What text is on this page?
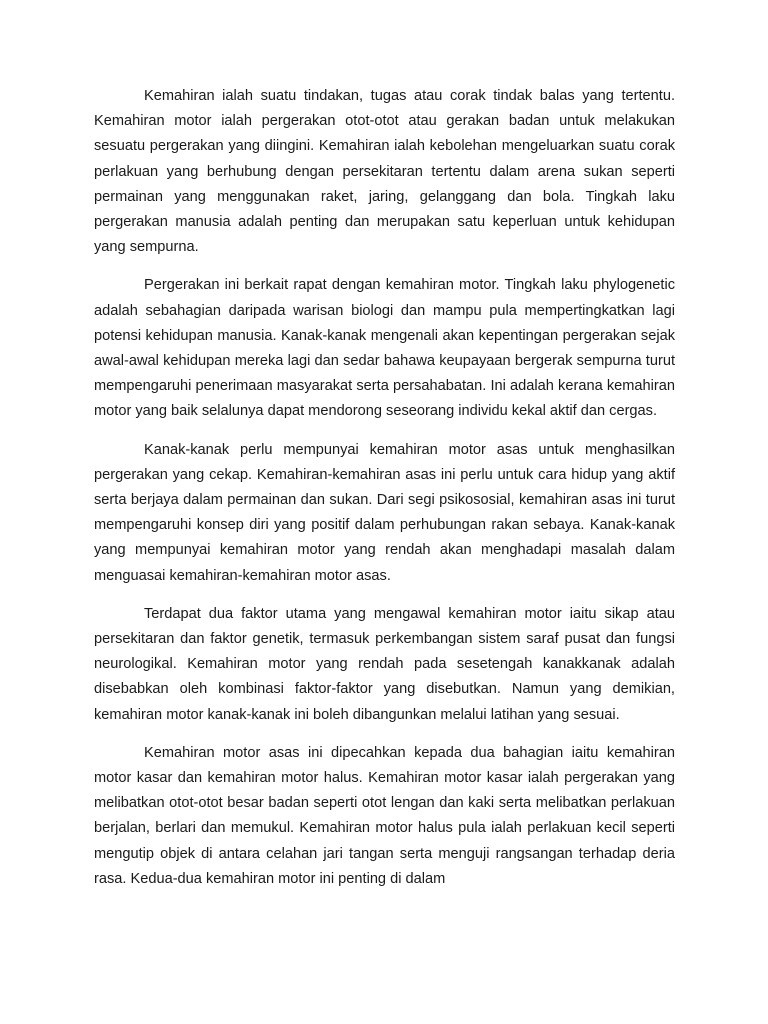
Kemahiran ialah suatu tindakan, tugas atau corak tindak balas yang tertentu. Kemahiran motor ialah pergerakan otot-otot atau gerakan badan untuk melakukan sesuatu pergerakan yang diingini. Kemahiran ialah kebolehan mengeluarkan suatu corak perlakuan yang berhubung dengan persekitaran tertentu dalam arena sukan seperti permainan yang menggunakan raket, jaring, gelanggang dan bola. Tingkah laku pergerakan manusia adalah penting dan merupakan satu keperluan untuk kehidupan yang sempurna.

Pergerakan ini berkait rapat dengan kemahiran motor. Tingkah laku phylogenetic adalah sebahagian daripada warisan biologi dan mampu pula mempertingkatkan lagi potensi kehidupan manusia. Kanak-kanak mengenali akan kepentingan pergerakan sejak awal-awal kehidupan mereka lagi dan sedar bahawa keupayaan bergerak sempurna turut mempengaruhi penerimaan masyarakat serta persahabatan. Ini adalah kerana kemahiran motor yang baik selalunya dapat mendorong seseorang individu kekal aktif dan cergas.

Kanak-kanak perlu mempunyai kemahiran motor asas untuk menghasilkan pergerakan yang cekap. Kemahiran-kemahiran asas ini perlu untuk cara hidup yang aktif serta berjaya dalam permainan dan sukan. Dari segi psikososial, kemahiran asas ini turut mempengaruhi konsep diri yang positif dalam perhubungan rakan sebaya. Kanak-kanak yang mempunyai kemahiran motor yang rendah akan menghadapi masalah dalam menguasai kemahiran-kemahiran motor asas.

Terdapat dua faktor utama yang mengawal kemahiran motor iaitu sikap atau persekitaran dan faktor genetik, termasuk perkembangan sistem saraf pusat dan fungsi neurologikal. Kemahiran motor yang rendah pada sesetengah kanakkanak adalah disebabkan oleh kombinasi faktor-faktor yang disebutkan. Namun yang demikian, kemahiran motor kanak-kanak ini boleh dibangunkan melalui latihan yang sesuai.

Kemahiran motor asas ini dipecahkan kepada dua bahagian iaitu kemahiran motor kasar dan kemahiran motor halus. Kemahiran motor kasar ialah pergerakan yang melibatkan otot-otot besar badan seperti otot lengan dan kaki serta melibatkan perlakuan berjalan, berlari dan memukul. Kemahiran motor halus pula ialah perlakuan kecil seperti mengutip objek di antara celahan jari tangan serta menguji rangsangan terhadap deria rasa. Kedua-dua kemahiran motor ini penting di dalam
